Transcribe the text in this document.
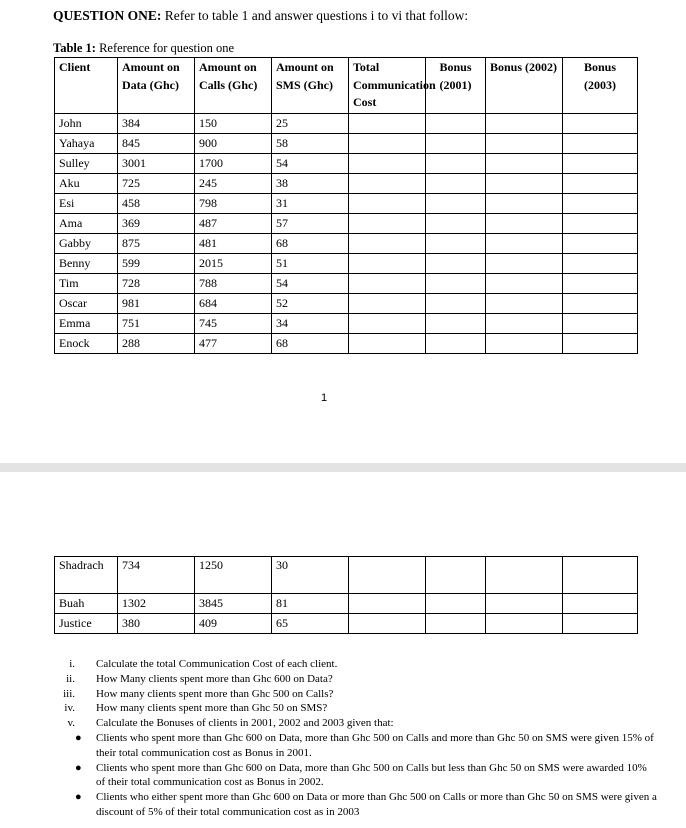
QUESTION ONE: Refer to table 1 and answer questions i to vi that follow:
Table 1: Reference for question one
Client	Amount on Data (Ghc)	Amount on Calls (Ghc)	Amount on SMS (Ghc)	Total Communication Cost	Bonus (2001)	Bonus (2002)	Bonus (2003)
John	384	150	25				
Yahaya	845	900	58				
Sulley	3001	1700	54				
Aku	725	245	38				
Esi	458	798	31				
Ama	369	487	57				
Gabby	875	481	68				
Benny	599	2015	51				
Tim	728	788	54				
Oscar	981	684	52				
Emma	751	745	34				
Enock	288	477	68				
1
Shadrach	734	1250	30				
Buah	1302	3845	81				
Justice	380	409	65				
i. Calculate the total Communication Cost of each client.
ii. How Many clients spent more than Ghc 600 on Data?
iii. How many clients spent more than Ghc 500 on Calls?
iv. How many clients spent more than Ghc 50 on SMS?
v. Calculate the Bonuses of clients in 2001, 2002 and 2003 given that:
● Clients who spent more than Ghc 600 on Data, more than Ghc 500 on Calls and more than Ghc 50 on SMS were given 15% of their total communication cost as Bonus in 2001.
● Clients who spent more than Ghc 600 on Data, more than Ghc 500 on Calls but less than Ghc 50 on SMS were awarded 10% of their total communication cost as Bonus in 2002.
● Clients who either spent more than Ghc 600 on Data or more than Ghc 500 on Calls or more than Ghc 50 on SMS were given a discount of 5% of their total communication cost as in 2003
